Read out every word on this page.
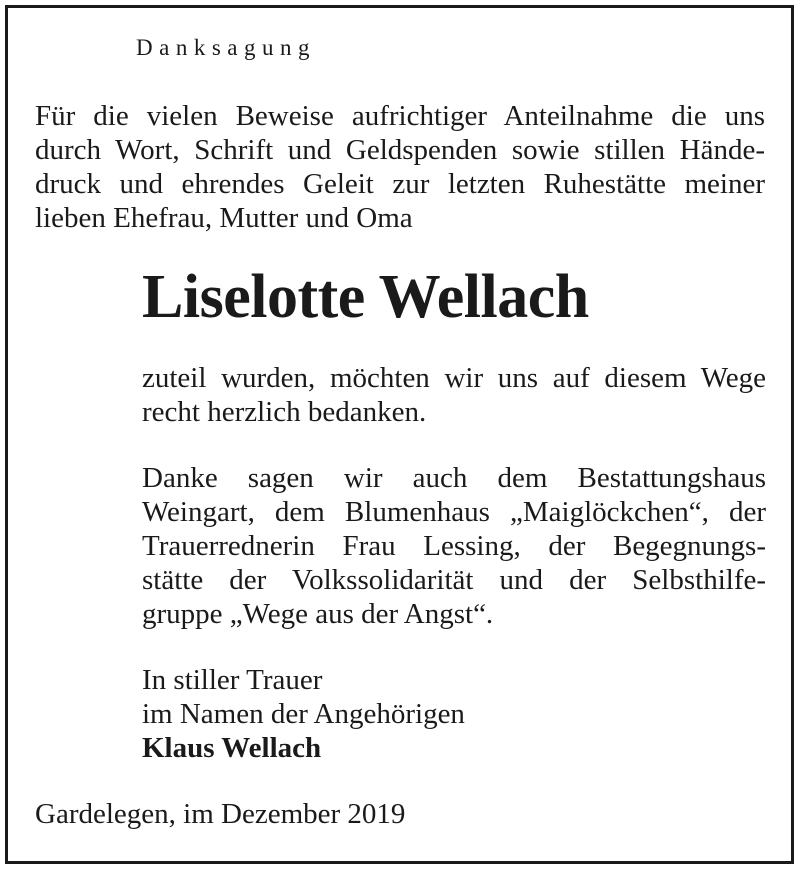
Danksagung
Für die vielen Beweise aufrichtiger Anteilnahme die uns
durch Wort, Schrift und Geldspenden sowie stillen Hände-
druck und ehrendes Geleit zur letzten Ruhestätte meiner
lieben Ehefrau, Mutter und Oma
Liselotte Wellach
zuteil wurden, möchten wir uns auf diesem Wege
recht herzlich bedanken.
Danke sagen wir auch dem Bestattungshaus
Weingart, dem Blumenhaus „Maiglöckchen“, der
Trauerrednerin Frau Lessing, der Begegnungs-
stätte der Volkssolidarität und der Selbsthilfe-
gruppe „Wege aus der Angst“.
In stiller Trauer
im Namen der Angehörigen
Klaus Wellach
Gardelegen, im Dezember 2019
